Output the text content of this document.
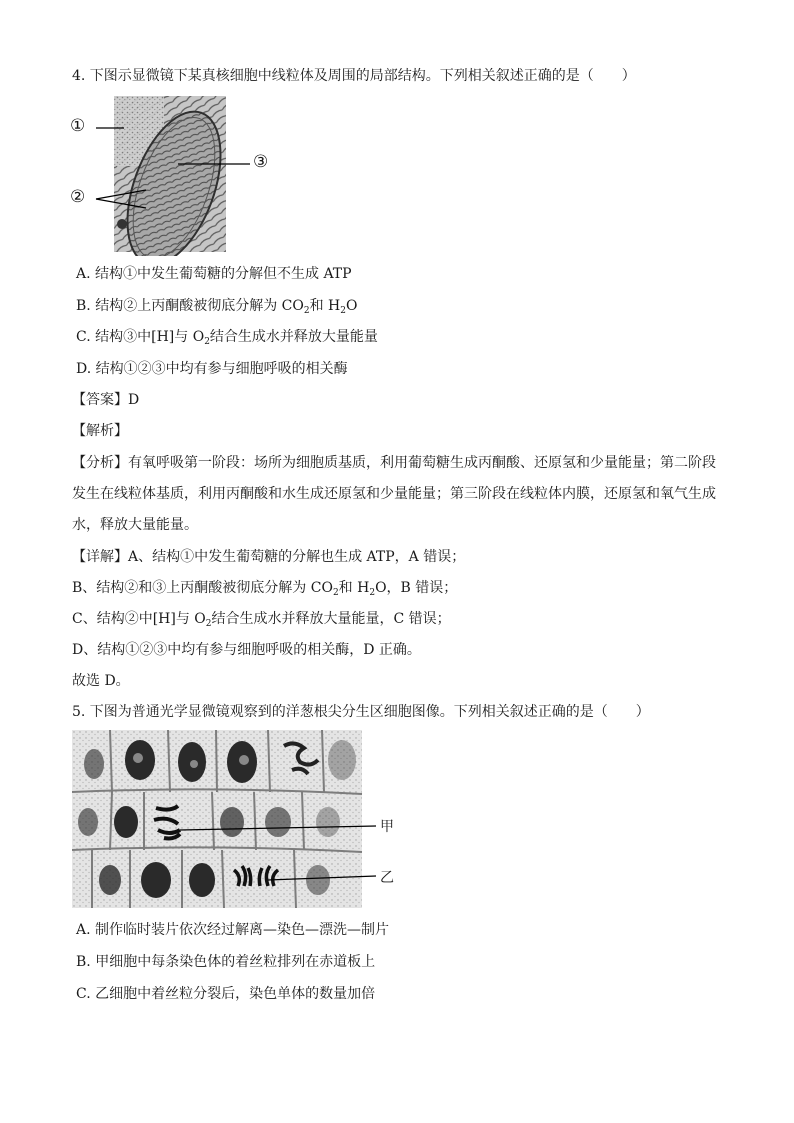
4. 下图示显微镜下某真核细胞中线粒体及周围的局部结构。下列相关叙述正确的是（　　）
①
②
③
A. 结构①中发生葡萄糖的分解但不生成 ATP
B. 结构②上丙酮酸被彻底分解为 $CO_2$和 $H_2O$
C. 结构③中[H]与 $O_2$结合生成水并释放大量能量
D. 结构①②③中均有参与细胞呼吸的相关酶
【答案】D
【解析】
【分析】有氧呼吸第一阶段：场所为细胞质基质，利用葡萄糖生成丙酮酸、还原氢和少量能量；第二阶段
发生在线粒体基质，利用丙酮酸和水生成还原氢和少量能量；第三阶段在线粒体内膜，还原氢和氧气生成
水，释放大量能量。
【详解】A、结构①中发生葡萄糖的分解也生成 ATP，A 错误；
B、结构②和③上丙酮酸被彻底分解为 $CO_2$和 $H_2O$，B 错误；
C、结构②中[H]与 $O_2$结合生成水并释放大量能量，C 错误；
D、结构①②③中均有参与细胞呼吸的相关酶，D 正确。
故选 D。
5. 下图为普通光学显微镜观察到的洋葱根尖分生区细胞图像。下列相关叙述正确的是（　　）
甲
乙
A. 制作临时装片依次经过解离—染色—漂洗—制片
B. 甲细胞中每条染色体的着丝粒排列在赤道板上
C. 乙细胞中着丝粒分裂后，染色单体的数量加倍
